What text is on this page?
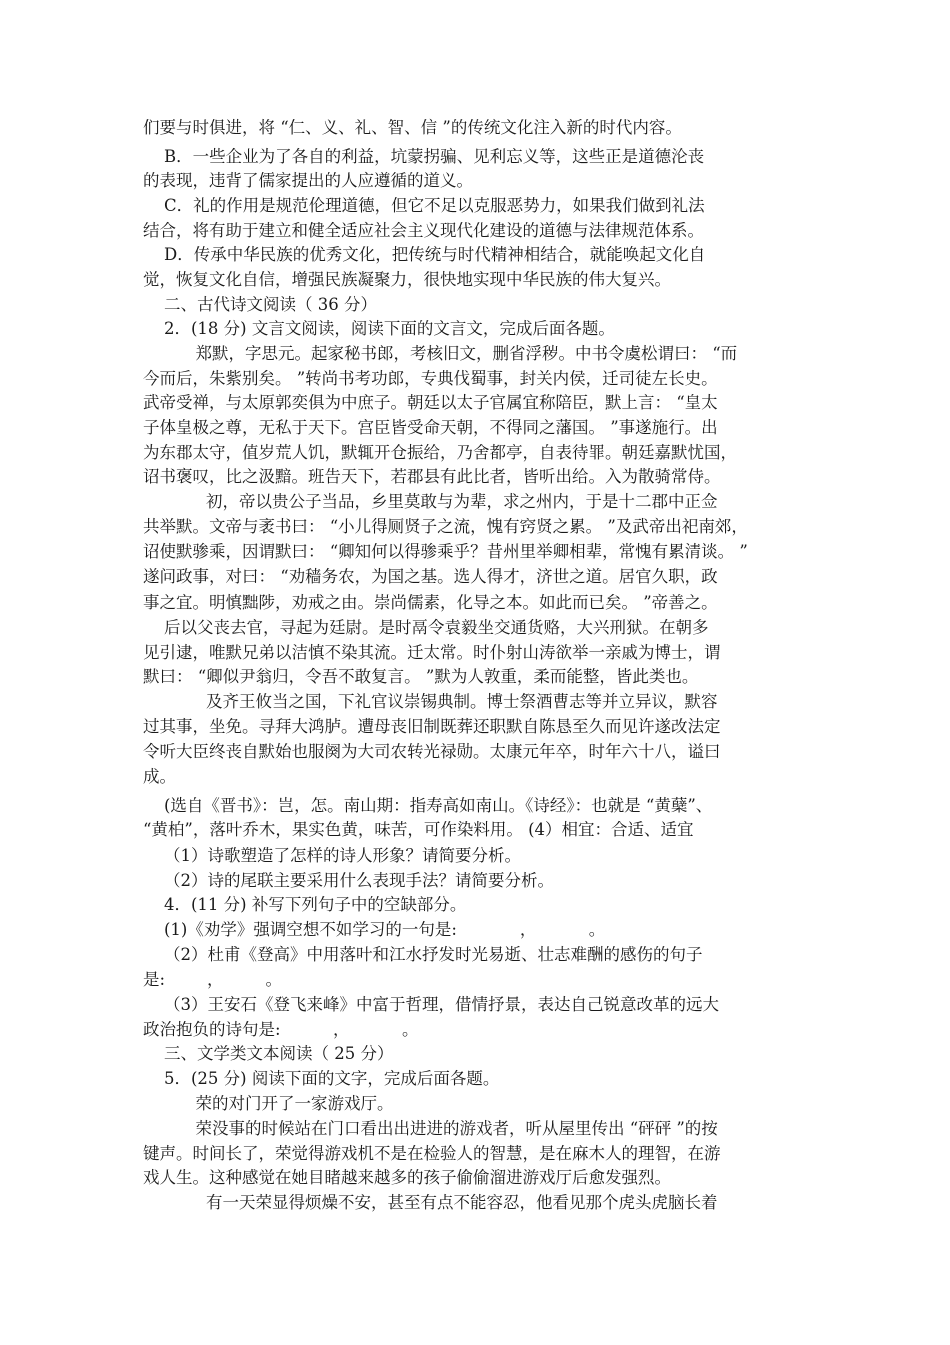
们要与时俱进，将 “仁、义、礼、智、信 ”的传统文化注入新的时代内容。
B．一些企业为了各自的利益，坑蒙拐骗、见利忘义等，这些正是道德沦丧
的表现，违背了儒家提出的人应遵循的道义。
C．礼的作用是规范伦理道德，但它不足以克服恶势力，如果我们做到礼法
结合，将有助于建立和健全适应社会主义现代化建设的道德与法律规范体系。
D．传承中华民族的优秀文化，把传统与时代精神相结合，就能唤起文化自
觉，恢复文化自信，增强民族凝聚力，很快地实现中华民族的伟大复兴。
二、古代诗文阅读（ 36 分）
2．(18 分) 文言文阅读，阅读下面的文言文，完成后面各题。
郑默，字思元。起家秘书郎，考核旧文，删省浮秽。中书令虞松谓曰： “而
今而后，朱紫别矣。 ”转尚书考功郎，专典伐蜀事，封关内侯，迁司徒左长史。
武帝受禅，与太原郭奕俱为中庶子。朝廷以太子官属宜称陪臣，默上言： “皇太
子体皇极之尊，无私于天下。宫臣皆受命天朝，不得同之藩国。 ”事遂施行。出
为东郡太守，值岁荒人饥，默辄开仓振给，乃舍都亭，自表待罪。朝廷嘉默忧国，
诏书褒叹，比之汲黯。班告天下，若郡县有此比者，皆听出给。入为散骑常侍。
初，帝以贵公子当品，乡里莫敢与为辈，求之州内，于是十二郡中正佥
共举默。文帝与袤书曰： “小儿得厕贤子之流，愧有窍贤之累。 ”及武帝出祀南郊，
诏使默骖乘，因谓默曰： “卿知何以得骖乘乎？昔州里举卿相辈，常愧有累清谈。 ”
遂问政事，对曰： “劝穑务农，为国之基。选人得才，济世之道。居官久职，政
事之宜。明慎黜陟，劝戒之由。崇尚儒素，化导之本。如此而已矣。 ”帝善之。
后以父丧去官，寻起为廷尉。是时鬲令袁毅坐交通货赂，大兴刑狱。在朝多
见引逮，唯默兄弟以洁慎不染其流。迁太常。时仆射山涛欲举一亲戚为博士，谓
默曰： “卿似尹翁归，令吾不敢复言。 ”默为人敦重，柔而能整，皆此类也。
及齐王攸当之国，下礼官议崇锡典制。博士祭酒曹志等并立异议，默容
过其事，坐免。寻拜大鸿胪。遭母丧旧制既葬还职默自陈恳至久而见许遂改法定
令听大臣终丧自默始也服阕为大司农转光禄勋。太康元年卒，时年六十八，谥曰
成。
(选自《晋书》：岂，怎。南山期：指寿高如南山。《诗经》：也就是 “黄蘖”、
“黄柏”，落叶乔木，果实色黄，味苦，可作染料用。 (4）相宜：合适、适宜
（1）诗歌塑造了怎样的诗人形象？请简要分析。
（2）诗的尾联主要采用什么表现手法？请简要分析。
4．(11 分) 补写下列句子中的空缺部分。
(1)《劝学》强调空想不如学习的一句是:            ，          。
（2）杜甫《登高》中用落叶和江水抒发时光易逝、壮志难酬的感伤的句子
是:        ，        。
（3）王安石《登飞来峰》中富于哲理，借情抒景，表达自己锐意改革的远大
政治抱负的诗句是:          ，          。
三、文学类文本阅读（ 25 分）
5．(25 分) 阅读下面的文字，完成后面各题。
荣的对门开了一家游戏厅。
荣没事的时候站在门口看出出进进的游戏者，听从屋里传出 “砰砰 ”的按
键声。时间长了，荣觉得游戏机不是在检验人的智慧，是在麻木人的理智，在游
戏人生。这种感觉在她目睹越来越多的孩子偷偷溜进游戏厅后愈发强烈。
有一天荣显得烦燥不安，甚至有点不能容忍，他看见那个虎头虎脑长着
